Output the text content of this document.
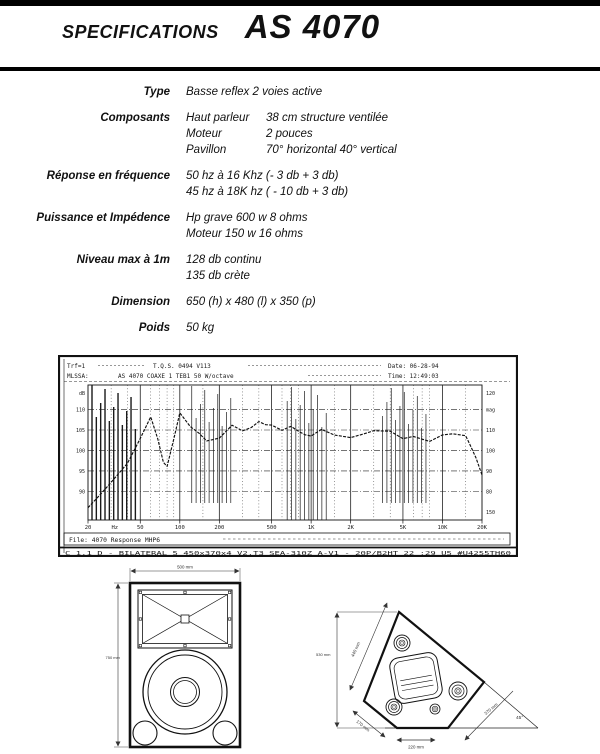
SPECIFICATIONS AS 4070
Type Basse reflex 2 voies active
Composants Haut parleur 38 cm structure ventilée
Moteur	2 pouces
Pavillon	70° horizontal 40° vertical
Réponse en fréquence 50 hz à 16 Khz (- 3 db + 3 db)
45 hz à 18K hz ( - 10 db + 3 db)
Puissance et Impédence Hp grave 600 w 8 ohms
Moteur 150 w 16 ohms
Niveau max à 1m 128 db continu
135 db crète
Dimension 650 (h) x 480 (l) x 350 (p)
Poids 50 kg
Trf=1	T.Q.S. 0494 V113	Date: 06-28-94
MLSSA:	AS 4070 COAXE 1 TEB1 50 W/octave	Time: 12:49:03
dB
110
105
100
95
90
120
mag
110
100
90
80
150
20	Hz	50	100	200	500	1K	2K	5K	10K	20K
File: 4070 Response MHP6
C 1.1 D - BILATERAL 5 450x370x4 V2.T3 SEA-310Z A-V1 - 20P/B2HT 22 :29 U5 #U4255TH60
500 mm
750 mm
370 mm
45°
440 mm
530 mm
170 mm
220 mm
